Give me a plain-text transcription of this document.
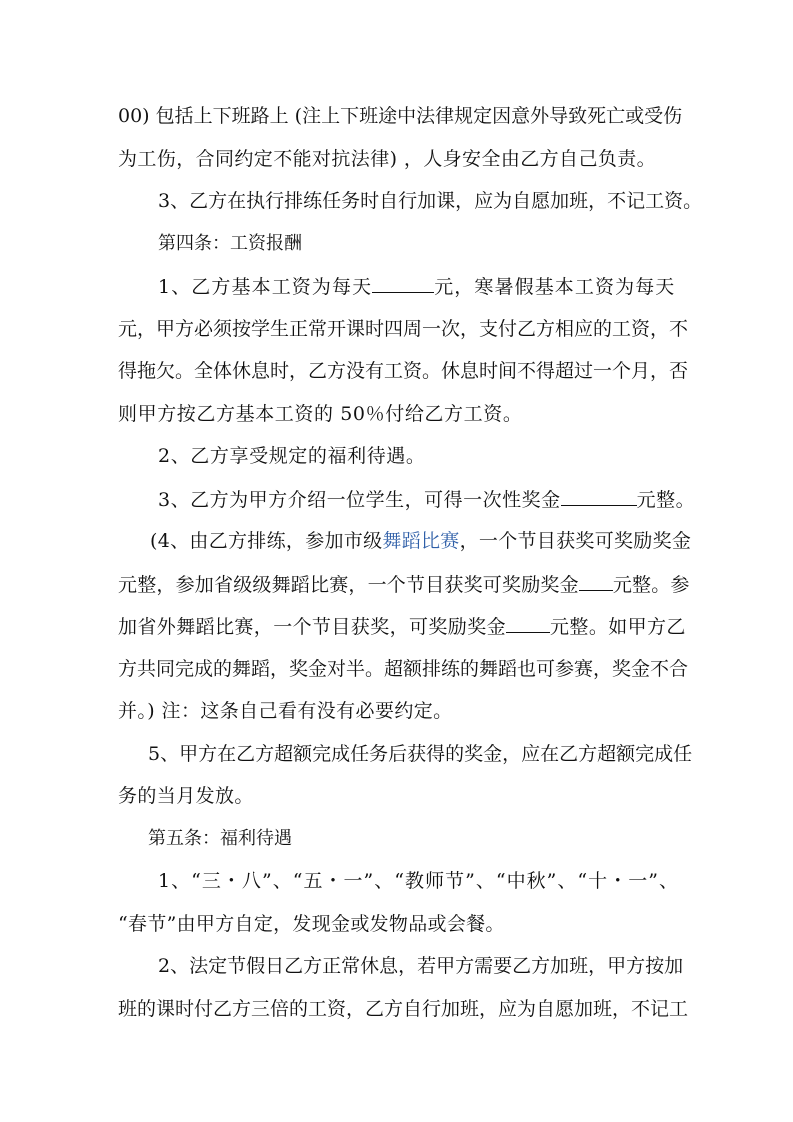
00) 包括上下班路上 (注上下班途中法律规定因意外导致死亡或受伤
为工伤，合同约定不能对抗法律) ，人身安全由乙方自己负责。
3、乙方在执行排练任务时自行加课，应为自愿加班，不记工资。
第四条：工资报酬
1、乙方基本工资为每天	元，寒暑假基本工资为每天
元，甲方必须按学生正常开课时四周一次，支付乙方相应的工资，不
得拖欠。全体休息时，乙方没有工资。休息时间不得超过一个月，否
则甲方按乙方基本工资的 50％付给乙方工资。
2、乙方享受规定的福利待遇。
3、乙方为甲方介绍一位学生，可得一次性奖金	元整。
(4、由乙方排练，参加市级舞蹈比赛，一个节目获奖可奖励奖金
元整，参加省级级舞蹈比赛，一个节目获奖可奖励奖金 元整。参
加省外舞蹈比赛，一个节目获奖，可奖励奖金 元整。如甲方乙
方共同完成的舞蹈，奖金对半。超额排练的舞蹈也可参赛，奖金不合
并。) 注：这条自己看有没有必要约定。
5、甲方在乙方超额完成任务后获得的奖金，应在乙方超额完成任
务的当月发放。
第五条：福利待遇
1、“三・八”、“五・一”、“教师节”、“中秋”、“十・一”、
“春节”由甲方自定，发现金或发物品或会餐。
2、法定节假日乙方正常休息，若甲方需要乙方加班，甲方按加
班的课时付乙方三倍的工资，乙方自行加班，应为自愿加班，不记工
